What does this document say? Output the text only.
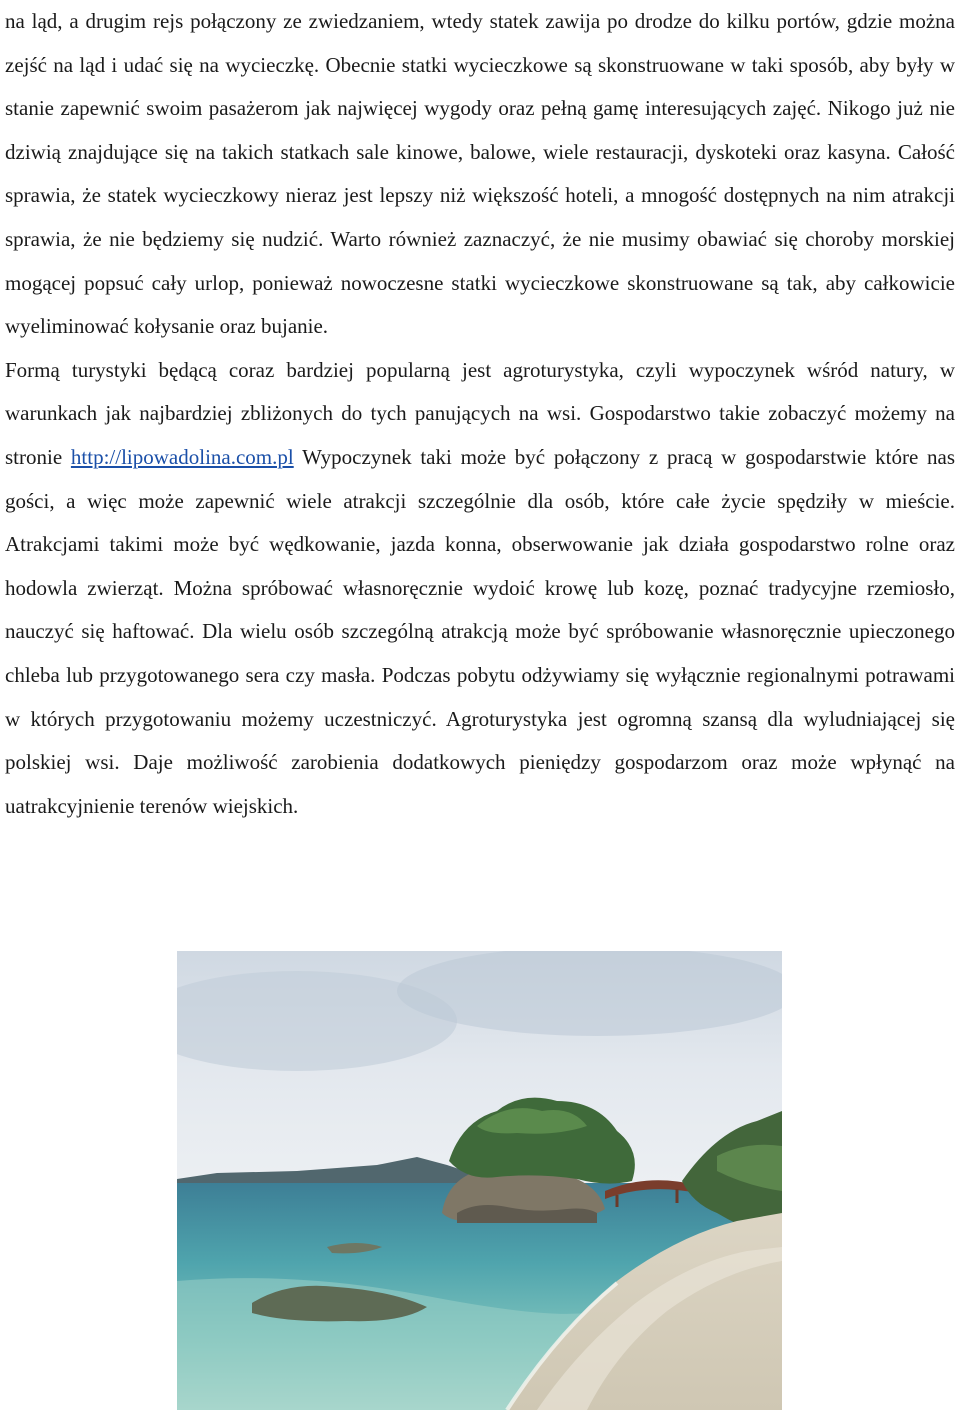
na ląd, a drugim rejs połączony ze zwiedzaniem, wtedy statek zawija po drodze do kilku portów, gdzie można zejść na ląd i udać się na wycieczkę. Obecnie statki wycieczkowe są skonstruowane w taki sposób, aby były w stanie zapewnić swoim pasażerom jak najwięcej wygody oraz pełną gamę interesujących zajęć. Nikogo już nie dziwią znajdujące się na takich statkach sale kinowe, balowe, wiele restauracji, dyskoteki oraz kasyna. Całość sprawia, że statek wycieczkowy nieraz jest lepszy niż większość hoteli, a mnogość dostępnych na nim atrakcji sprawia, że nie będziemy się nudzić. Warto również zaznaczyć, że nie musimy obawiać się choroby morskiej mogącej popsuć cały urlop, ponieważ nowoczesne statki wycieczkowe skonstruowane są tak, aby całkowicie wyeliminować kołysanie oraz bujanie.

Formą turystyki będącą coraz bardziej popularną jest agroturystyka, czyli wypoczynek wśród natury, w warunkach jak najbardziej zbliżonych do tych panujących na wsi. Gospodarstwo takie zobaczyć możemy na stronie http://lipowadolina.com.pl Wypoczynek taki może być połączony z pracą w gospodarstwie które nas gości, a więc może zapewnić wiele atrakcji szczególnie dla osób, które całe życie spędziły w mieście. Atrakcjami takimi może być wędkowanie, jazda konna, obserwowanie jak działa gospodarstwo rolne oraz hodowla zwierząt. Można spróbować własnoręcznie wydoić krowę lub kozę, poznać tradycyjne rzemiosło, nauczyć się haftować. Dla wielu osób szczególną atrakcją może być spróbowanie własnoręcznie upieczonego chleba lub przygotowanego sera czy masła. Podczas pobytu odżywiamy się wyłącznie regionalnymi potrawami w których przygotowaniu możemy uczestniczyć. Agroturystyka jest ogromną szansą dla wyludniającej się polskiej wsi. Daje możliwość zarobienia dodatkowych pieniędzy gospodarzom oraz może wpłynąć na uatrakcyjnienie terenów wiejskich.
